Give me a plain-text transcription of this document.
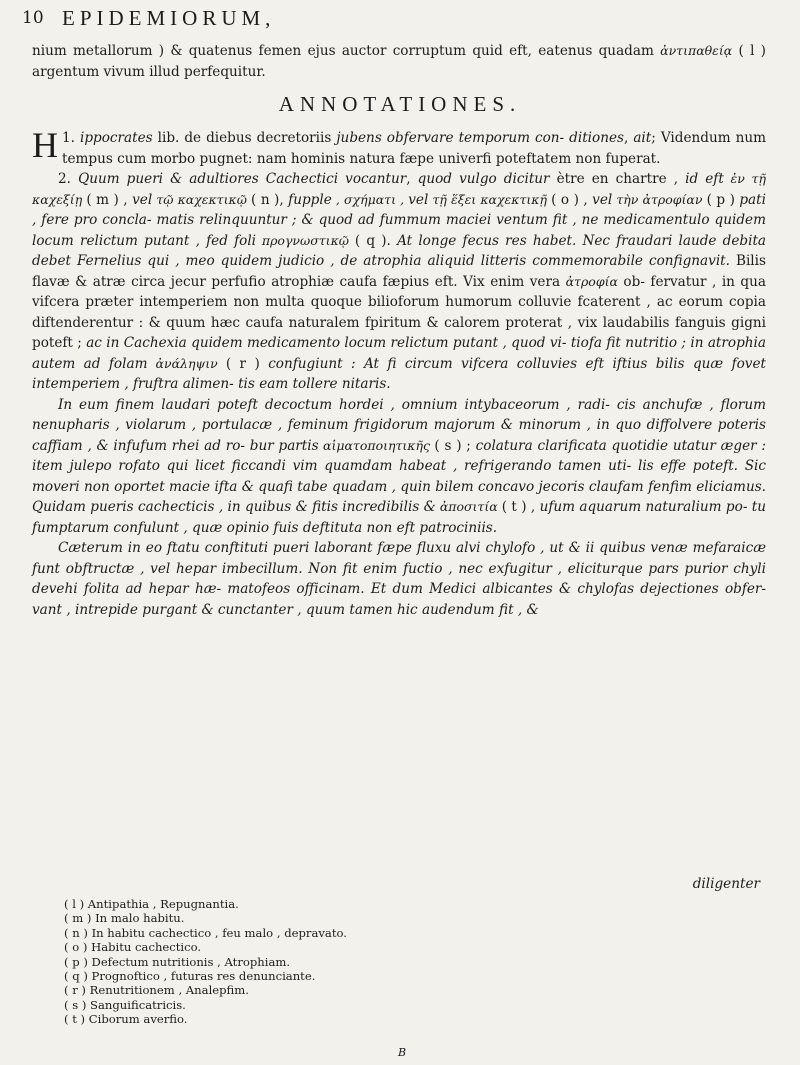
10 EPIDEMIORUM,
nium metallorum ) & quatenus femen ejus auctor corruptum quid eft, eatenus quadam ἀντιπαθείᾳ ( l ) argentum vivum illud perfequitur.
ANNOTATIONES.

1.
H ippocrates lib. de diebus decretoriis jubens obfervare temporum con- ditiones, ait; Videndum num tempus cum morbo pugnet: nam hominis natura fæpe univerfi poteftatem non fuperat.

2. Quum pueri & adultiores Cachectici vocantur, quod vulgo dicitur ètre en chartre , id eft ἐν τῇ καχεξίῃ ( m ) , vel τῷ καχεκτικῷ ( n ), fupple , σχήματι , vel τῇ ἕξει καχεκτικῇ ( o ) , vel τὴν ἀτροφίαν ( p ) pati , fere pro concla- matis relinquuntur ; & quod ad fummum maciei ventum fit , ne medicamentulo quidem locum relictum putant , fed foli προγνωστικῷ ( q ). At longe fecus res habet. Nec fraudari laude debita debet Fernelius qui , meo quidem judicio , de atrophia aliquid litteris commemorabile confignavit. Bilis flavæ & atræ circa jecur perfufio atrophiæ caufa fæpius eft. Vix enim vera ἀτροφία ob- fervatur , in qua vifcera præter intemperiem non multa quoque bilioforum humorum colluvie fcaterent , ac eorum copia diftenderentur : & quum hæc caufa naturalem fpiritum & calorem proterat , vix laudabilis fanguis gigni poteft ; ac in Cachexia quidem medicamento locum relictum putant , quod vi- tiofa fit nutritio ; in atrophia autem ad folam ἀνάληψιν ( r ) confugiunt : At fi circum vifcera colluvies eft iftius bilis quæ fovet intemperiem , fruftra alimen- tis eam tollere nitaris.

In eum finem laudari poteft decoctum hordei , omnium intybaceorum , radi- cis anchufæ , florum nenupharis , violarum , portulacæ , feminum frigidorum majorum & minorum , in quo diffolvere poteris caffiam , & infufum rhei ad ro- bur partis αἱματοποιητικῆς ( s ) ; colatura clarificata quotidie utatur æger : item julepo rofato qui licet ficcandi vim quamdam habeat , refrigerando tamen uti- lis effe poteft. Sic moveri non oportet macie ifta & quafi tabe quadam , quin bilem concavo jecoris claufam fenfim eliciamus. Quidam pueris cachecticis , in quibus & fitis incredibilis & ἀποσιτία ( t ) , ufum aquarum naturalium po- tu fumptarum confulunt , quæ opinio fuis deftituta non eft patrociniis.

Cæterum in eo ftatu conftituti pueri laborant fæpe fluxu alvi chylofo , ut & ii quibus venæ mefaraicæ funt obftructæ , vel hepar imbecillum. Non fit enim fuctio , nec exfugitur , eliciturque pars purior chyli devehi folita ad hepar hæ- matofeos officinam. Et dum Medici albicantes & chylofas dejectiones obfer- vant , intrepide purgant & cunctanter , quum tamen hic audendum fit , &

diligenter
( l ) Antipathia , Repugnantia.
( m ) In malo habitu.
( n ) In habitu cachectico , feu malo , depravato.
( o ) Habitu cachectico.
( p ) Defectum nutritionis , Atrophiam.
( q ) Prognoftico , futuras res denunciante.
( r ) Renutritionem , Analepfim.
( s ) Sanguificatricis.
( t ) Ciborum averfio.
B
